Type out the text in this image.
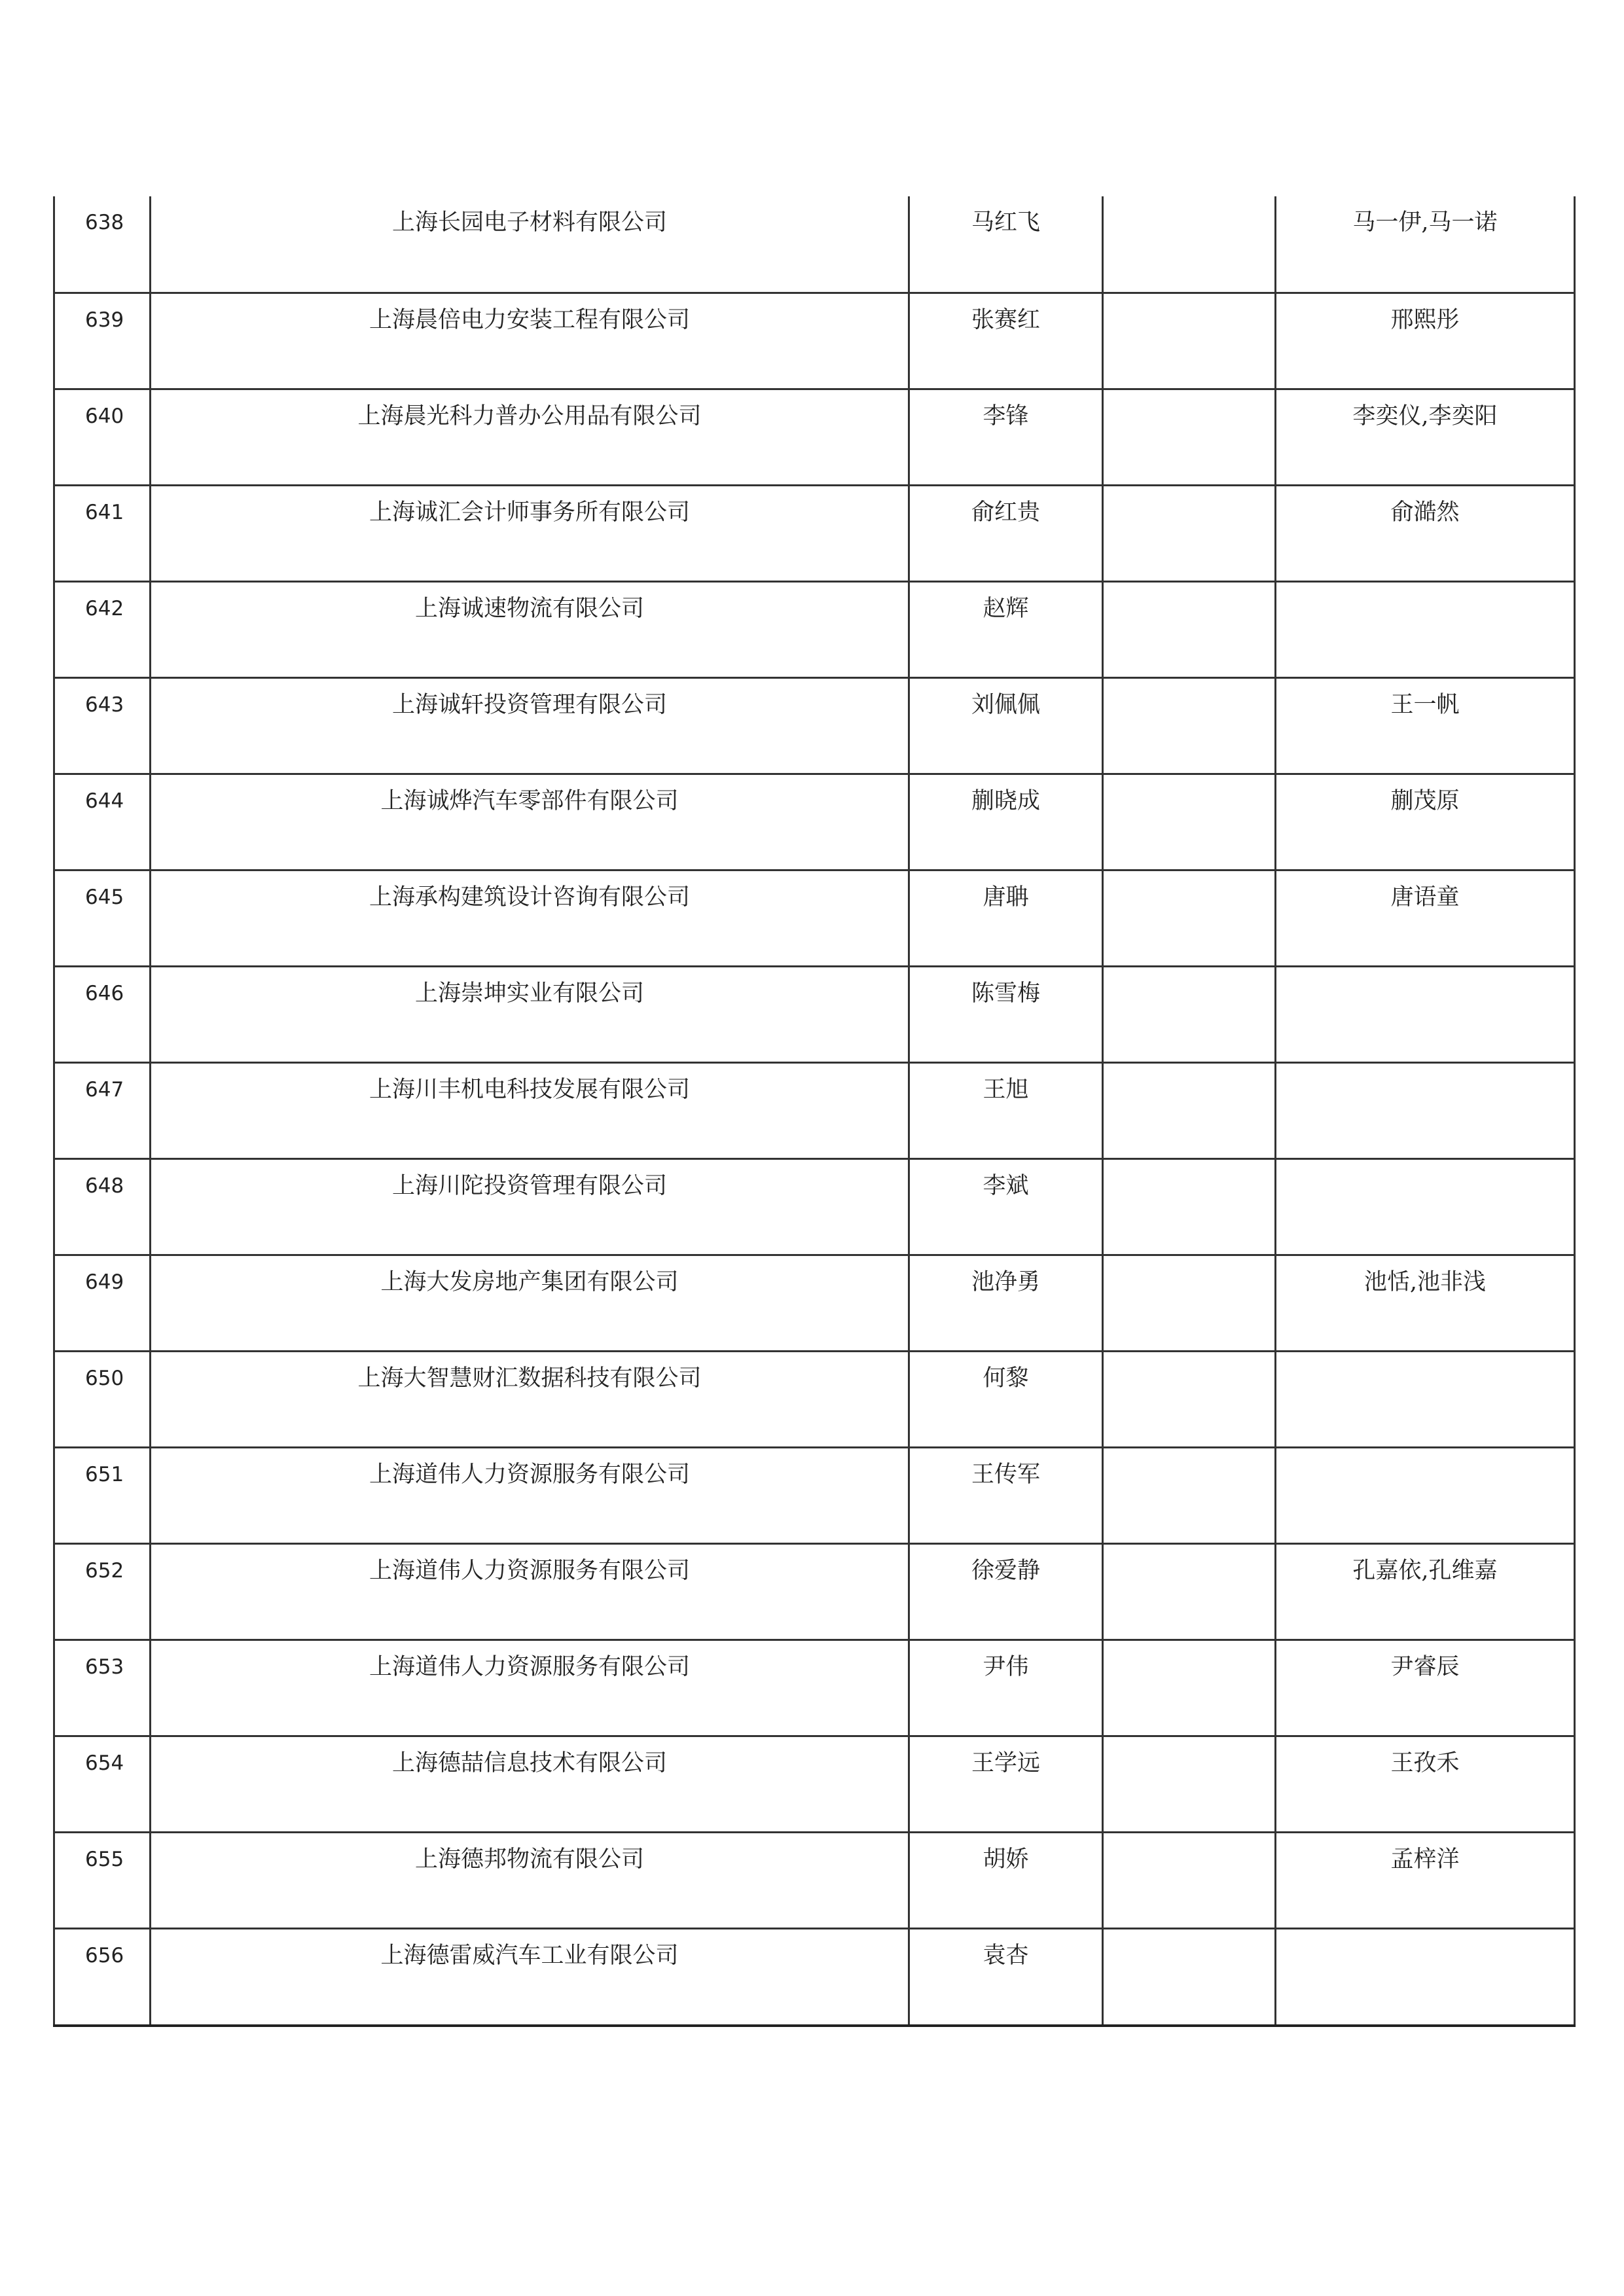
638	上海长园电子材料有限公司	马红飞		马一伊,马一诺
639	上海晨倍电力安装工程有限公司	张赛红		邢熙彤
640	上海晨光科力普办公用品有限公司	李锋		李奕仪,李奕阳
641	上海诚汇会计师事务所有限公司	俞红贵		俞澔然
642	上海诚速物流有限公司	赵辉		
643	上海诚轩投资管理有限公司	刘佩佩		王一帆
644	上海诚烨汽车零部件有限公司	蒯晓成		蒯茂原
645	上海承构建筑设计咨询有限公司	唐聃		唐语童
646	上海崇坤实业有限公司	陈雪梅		
647	上海川丰机电科技发展有限公司	王旭		
648	上海川陀投资管理有限公司	李斌		
649	上海大发房地产集团有限公司	池净勇		池恬,池非浅
650	上海大智慧财汇数据科技有限公司	何黎		
651	上海道伟人力资源服务有限公司	王传军		
652	上海道伟人力资源服务有限公司	徐爱静		孔嘉依,孔维嘉
653	上海道伟人力资源服务有限公司	尹伟		尹睿辰
654	上海德喆信息技术有限公司	王学远		王孜禾
655	上海德邦物流有限公司	胡娇		孟梓洋
656	上海德雷威汽车工业有限公司	袁杏		
